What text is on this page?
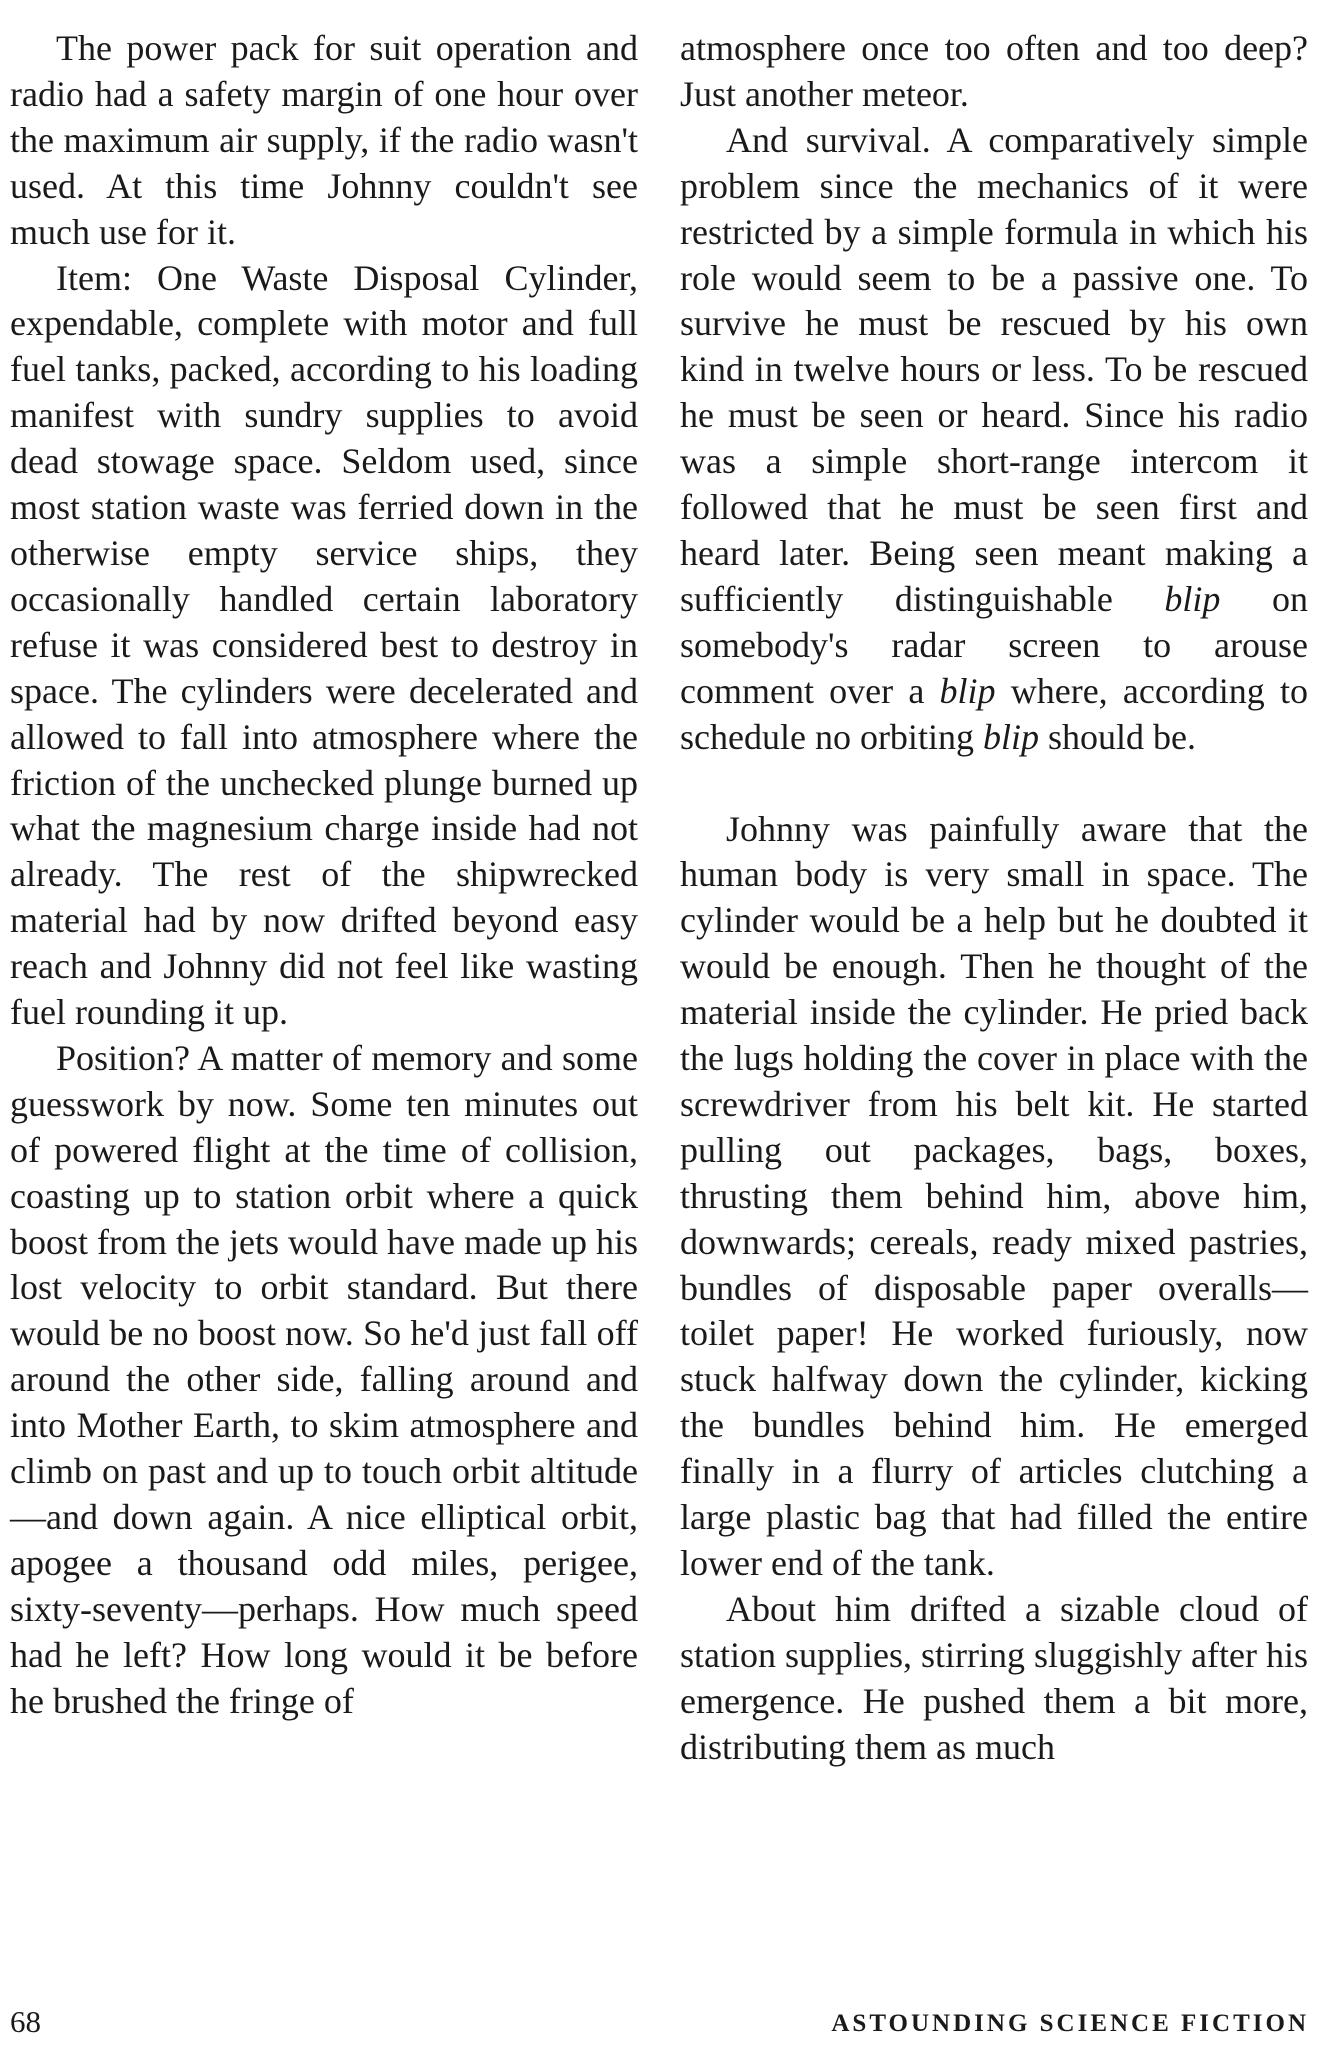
The power pack for suit operation and radio had a safety margin of one hour over the maximum air supply, if the radio wasn't used. At this time Johnny couldn't see much use for it.

Item: One Waste Disposal Cylinder, expendable, complete with motor and full fuel tanks, packed, according to his loading manifest with sundry supplies to avoid dead stowage space. Seldom used, since most station waste was ferried down in the otherwise empty service ships, they occasionally handled certain laboratory refuse it was considered best to destroy in space. The cylinders were decelerated and allowed to fall into atmosphere where the friction of the unchecked plunge burned up what the magnesium charge inside had not already. The rest of the shipwrecked material had by now drifted beyond easy reach and Johnny did not feel like wasting fuel rounding it up.

Position? A matter of memory and some guesswork by now. Some ten minutes out of powered flight at the time of collision, coasting up to station orbit where a quick boost from the jets would have made up his lost velocity to orbit standard. But there would be no boost now. So he'd just fall off around the other side, falling around and into Mother Earth, to skim atmosphere and climb on past and up to touch orbit altitude—and down again. A nice elliptical orbit, apogee a thousand odd miles, perigee, sixty-seventy—perhaps. How much speed had he left? How long would it be before he brushed the fringe of

atmosphere once too often and too deep? Just another meteor.

And survival. A comparatively simple problem since the mechanics of it were restricted by a simple formula in which his role would seem to be a passive one. To survive he must be rescued by his own kind in twelve hours or less. To be rescued he must be seen or heard. Since his radio was a simple short-range intercom it followed that he must be seen first and heard later. Being seen meant making a sufficiently distinguishable blip on somebody's radar screen to arouse comment over a blip where, according to schedule no orbiting blip should be.

Johnny was painfully aware that the human body is very small in space. The cylinder would be a help but he doubted it would be enough. Then he thought of the material inside the cylinder. He pried back the lugs holding the cover in place with the screwdriver from his belt kit. He started pulling out packages, bags, boxes, thrusting them behind him, above him, downwards; cereals, ready mixed pastries, bundles of disposable paper overalls—toilet paper! He worked furiously, now stuck halfway down the cylinder, kicking the bundles behind him. He emerged finally in a flurry of articles clutching a large plastic bag that had filled the entire lower end of the tank.

About him drifted a sizable cloud of station supplies, stirring sluggishly after his emergence. He pushed them a bit more, distributing them as much

68	ASTOUNDING SCIENCE FICTION
